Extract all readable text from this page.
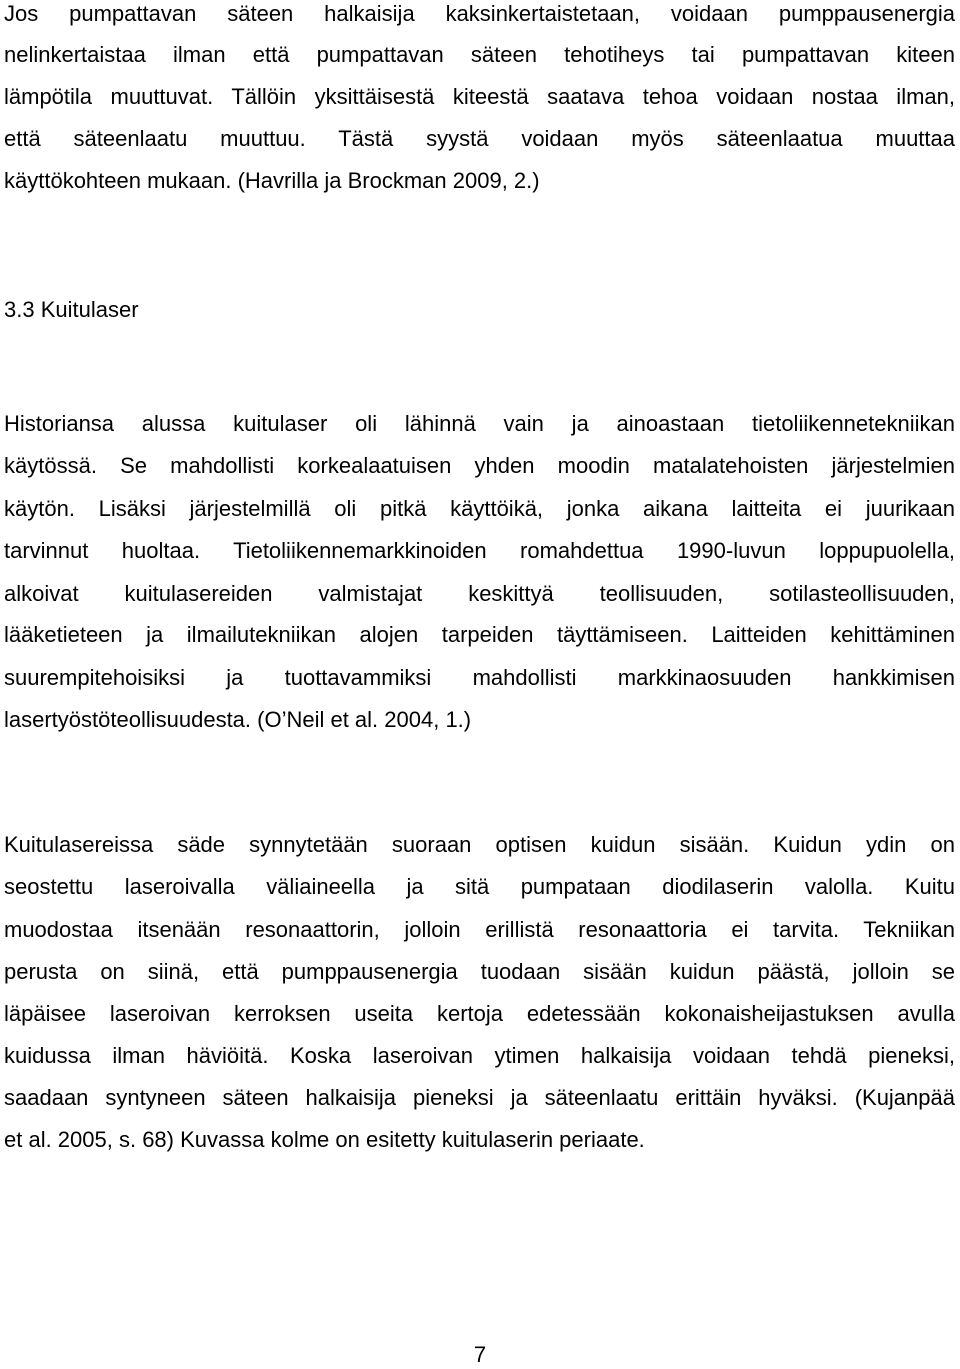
Jos pumpattavan säteen halkaisija kaksinkertaistetaan, voidaan pumppausenergia
nelinkertaistaa ilman että pumpattavan säteen tehotiheys tai pumpattavan kiteen
lämpötila muuttuvat. Tällöin yksittäisestä kiteestä saatava tehoa voidaan nostaa ilman,
että säteenlaatu muuttuu. Tästä syystä voidaan myös säteenlaatua muuttaa
käyttökohteen mukaan. (Havrilla ja Brockman 2009, 2.)
3.3 Kuitulaser
Historiansa alussa kuitulaser oli lähinnä vain ja ainoastaan tietoliikennetekniikan
käytössä. Se mahdollisti korkealaatuisen yhden moodin matalatehoisten järjestelmien
käytön. Lisäksi järjestelmillä oli pitkä käyttöikä, jonka aikana laitteita ei juurikaan
tarvinnut huoltaa. Tietoliikennemarkkinoiden romahdettua 1990-luvun loppupuolella,
alkoivat kuitulasereiden valmistajat keskittyä teollisuuden, sotilasteollisuuden,
lääketieteen ja ilmailutekniikan alojen tarpeiden täyttämiseen. Laitteiden kehittäminen
suurempitehoisiksi ja tuottavammiksi mahdollisti markkinaosuuden hankkimisen
lasertyöstöteollisuudesta. (O’Neil et al. 2004, 1.)
Kuitulasereissa säde synnytetään suoraan optisen kuidun sisään. Kuidun ydin on
seostettu laseroivalla väliaineella ja sitä pumpataan diodilaserin valolla. Kuitu
muodostaa itsenään resonaattorin, jolloin erillistä resonaattoria ei tarvita. Tekniikan
perusta on siinä, että pumppausenergia tuodaan sisään kuidun päästä, jolloin se
läpäisee laseroivan kerroksen useita kertoja edetessään kokonaisheijastuksen avulla
kuidussa ilman häviöitä. Koska laseroivan ytimen halkaisija voidaan tehdä pieneksi,
saadaan syntyneen säteen halkaisija pieneksi ja säteenlaatu erittäin hyväksi. (Kujanpää
et al. 2005, s. 68) Kuvassa kolme on esitetty kuitulaserin periaate.
7
